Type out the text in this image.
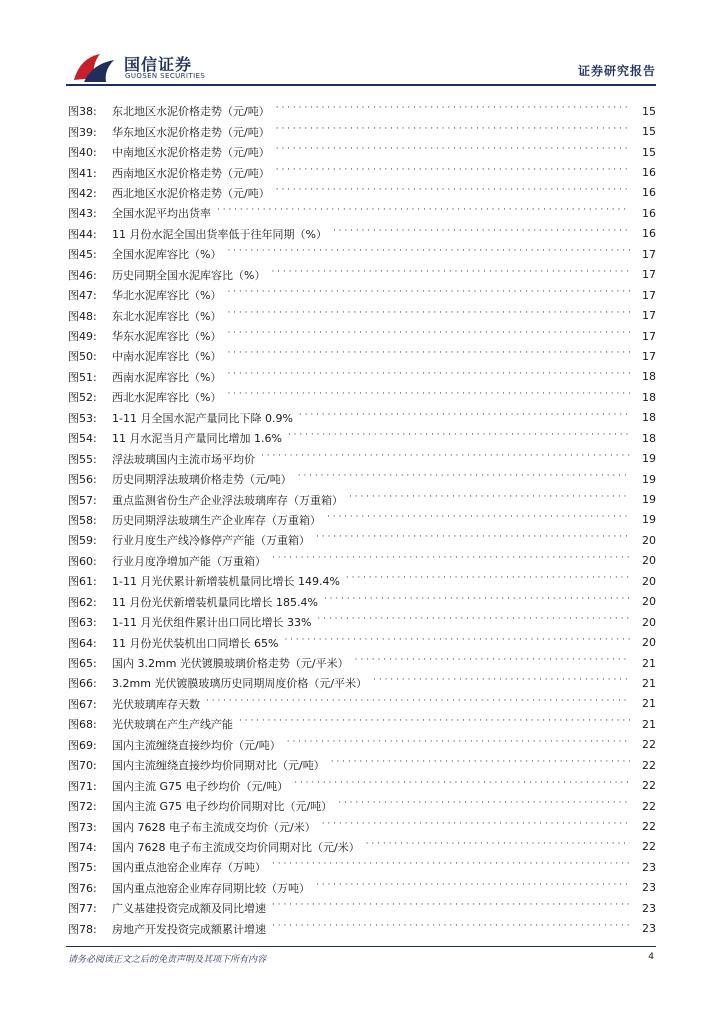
国信证券
GUOSEN SECURITIES	证券研究报告
图38:	东北地区水泥价格走势（元/吨） · · ·	15
图39:	华东地区水泥价格走势（元/吨） · · ·	15
图40:	中南地区水泥价格走势（元/吨） · · ·	15
图41:	西南地区水泥价格走势（元/吨） · · ·	16
图42:	西北地区水泥价格走势（元/吨） · · ·	16
图43:	全国水泥平均出货率 · · ·	16
图44:	11 月份水泥全国出货率低于往年同期（%） · · ·	16
图45:	全国水泥库容比（%） · · ·	17
图46:	历史同期全国水泥库容比（%） · · ·	17
图47:	华北水泥库容比（%） · · ·	17
图48:	东北水泥库容比（%） · · ·	17
图49:	华东水泥库容比（%） · · ·	17
图50:	中南水泥库容比（%） · · ·	17
图51:	西南水泥库容比（%） · · ·	18
图52:	西北水泥库容比（%） · · ·	18
图53:	1-11 月全国水泥产量同比下降 0.9% · · ·	18
图54:	11 月水泥当月产量同比增加 1.6% · · ·	18
图55:	浮法玻璃国内主流市场平均价 · · ·	19
图56:	历史同期浮法玻璃价格走势（元/吨） · · ·	19
图57:	重点监测省份生产企业浮法玻璃库存（万重箱） · · ·	19
图58:	历史同期浮法玻璃生产企业库存（万重箱） · · ·	19
图59:	行业月度生产线冷修停产产能（万重箱） · · ·	20
图60:	行业月度净增加产能（万重箱） · · ·	20
图61:	1-11 月光伏累计新增装机量同比增长 149.4% · · ·	20
图62:	11 月份光伏新增装机量同比增长 185.4% · · ·	20
图63:	1-11 月光伏组件累计出口同比增长 33% · · ·	20
图64:	11 月份光伏装机出口同增长 65% · · ·	20
图65:	国内 3.2mm 光伏镀膜玻璃价格走势（元/平米） · · ·	21
图66:	3.2mm 光伏镀膜玻璃历史同期周度价格（元/平米） · · ·	21
图67:	光伏玻璃库存天数 · · ·	21
图68:	光伏玻璃在产生产线产能 · · ·	21
图69:	国内主流缠绕直接纱均价（元/吨） · · ·	22
图70:	国内主流缠绕直接纱均价同期对比（元/吨） · · ·	22
图71:	国内主流 G75 电子纱均价（元/吨） · · ·	22
图72:	国内主流 G75 电子纱均价同期对比（元/吨） · · ·	22
图73:	国内 7628 电子布主流成交均价（元/米） · · ·	22
图74:	国内 7628 电子布主流成交均价同期对比（元/米） · · ·	22
图75:	国内重点池窑企业库存（万吨） · · ·	23
图76:	国内重点池窑企业库存同期比较（万吨） · · ·	23
图77:	广义基建投资完成额及同比增速 · · ·	23
图78:	房地产开发投资完成额累计增速 · · ·	23
请务必阅读正文之后的免责声明及其项下所有内容	4
